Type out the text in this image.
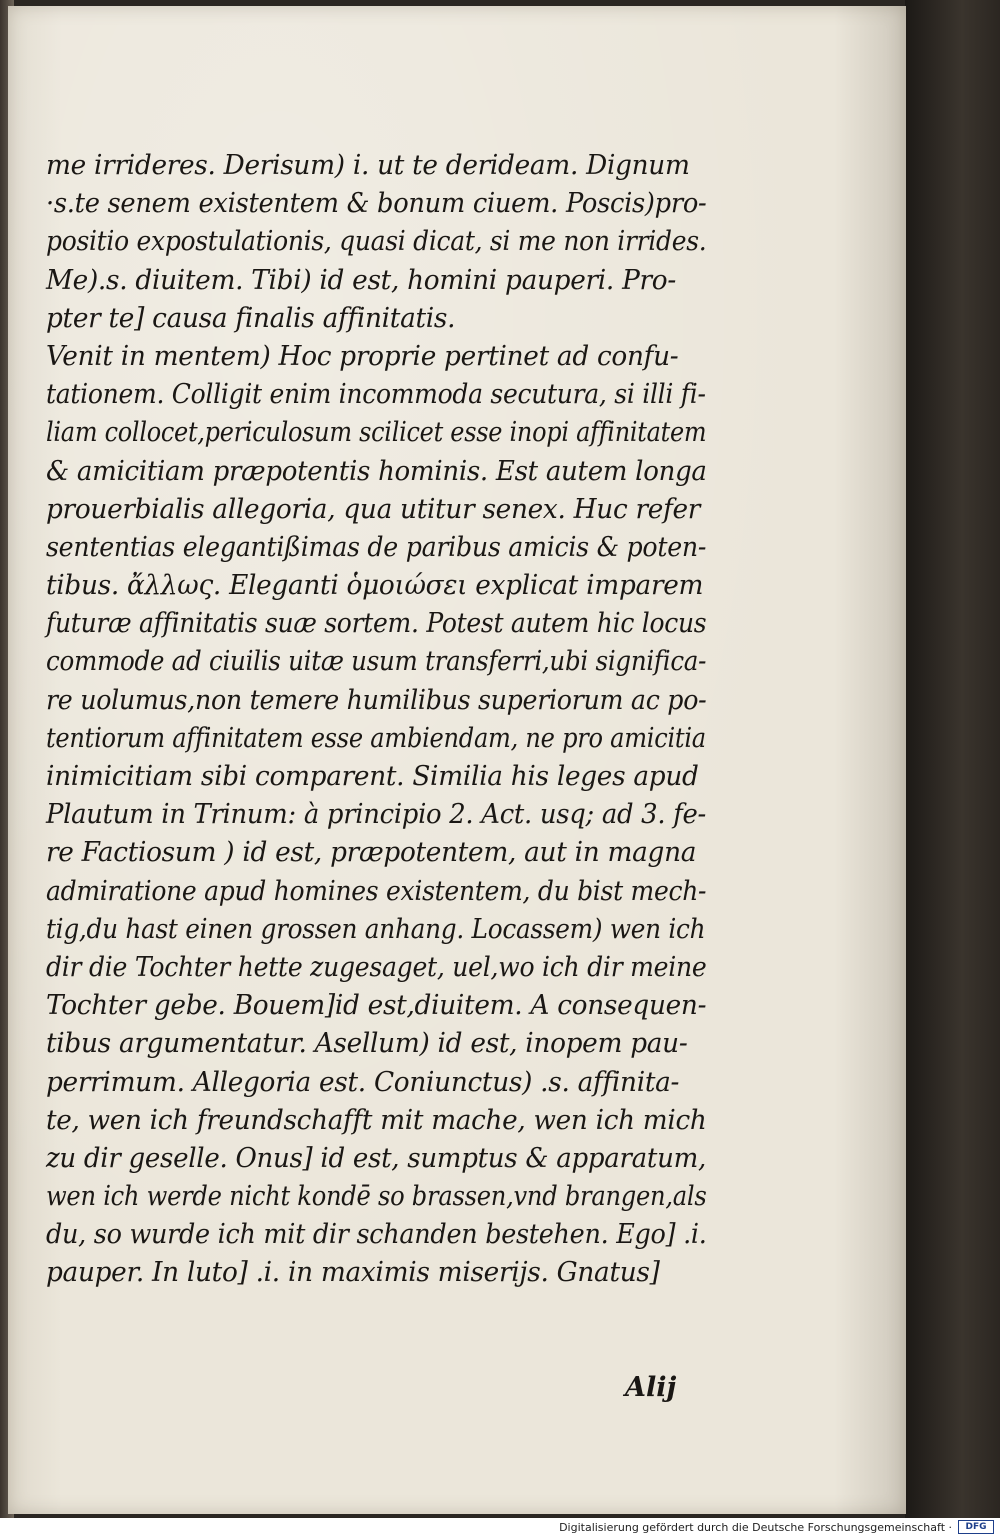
me irrideres. Derisum) i. ut te derideam. Dignum
·s.te senem existentem & bonum ciuem. Poscis)pro-
positio expostulationis, quasi dicat, si me non irrides.
Me).s. diuitem. Tibi) id est, homini pauperi. Pro-
pter te] causa finalis affinitatis.
Venit in mentem) Hoc proprie pertinet ad confu-
tationem. Colligit enim incommoda secutura, si illi fi-
liam collocet,periculosum scilicet esse inopi affinitatem
& amicitiam præpotentis hominis. Est autem longa
prouerbialis allegoria, qua utitur senex. Huc refer
sententias elegantißimas de paribus amicis & poten-
tibus. ἄλλως. Eleganti ὁμοιώσει explicat imparem
futuræ affinitatis suæ sortem. Potest autem hic locus
commode ad ciuilis uitæ usum transferri,ubi significa-
re uolumus,non temere humilibus superiorum ac po-
tentiorum affinitatem esse ambiendam, ne pro amicitia
inimicitiam sibi comparent. Similia his leges apud
Plautum in Trinum: à principio 2. Act. usq; ad 3. fe-
re Factiosum ) id est, præpotentem, aut in magna
admiratione apud homines existentem, du bist mech-
tig,du hast einen grossen anhang. Locassem) wen ich
dir die Tochter hette zugesaget, uel,wo ich dir meine
Tochter gebe. Bouem]id est,diuitem. A consequen-
tibus argumentatur. Asellum) id est, inopem pau-
perrimum. Allegoria est. Coniunctus) .s. affinita-
te, wen ich freundschafft mit mache, wen ich mich
zu dir geselle. Onus] id est, sumptus & apparatum,
wen ich werde nicht kondē so brassen,vnd brangen,als
du, so wurde ich mit dir schanden bestehen. Ego] .i.
pauper. In luto] .i. in maximis miserijs. Gnatus]
Alij
Digitalisierung gefördert durch die Deutsche Forschungsgemeinschaft ·	DFG
